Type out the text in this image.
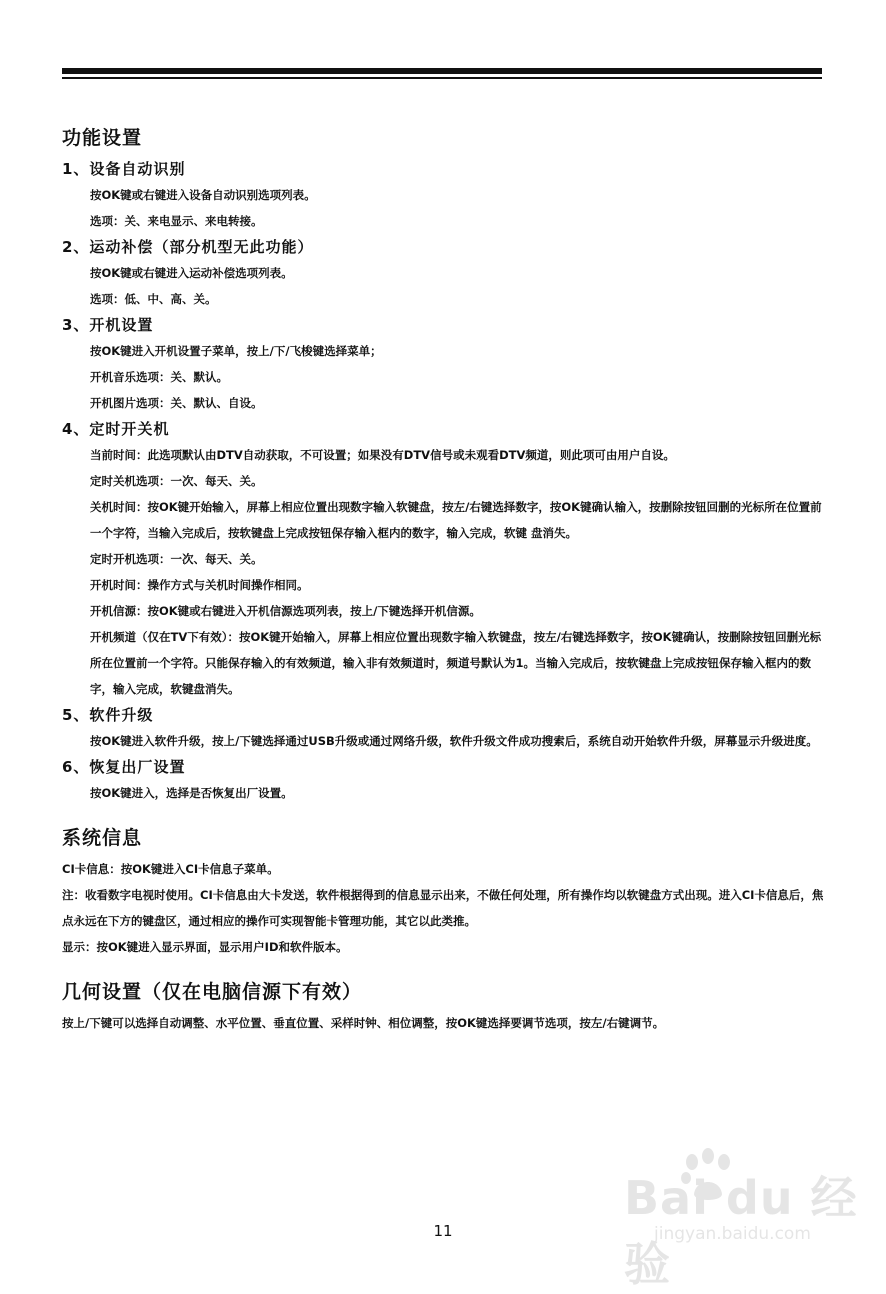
功能设置
1、设备自动识别

按OK键或右键进入设备自动识别选项列表。

选项：关、来电显示、来电转接。

2、运动补偿（部分机型无此功能）

按OK键或右键进入运动补偿选项列表。

选项：低、中、高、关。

3、开机设置

按OK键进入开机设置子菜单，按上/下/飞梭键选择菜单；

开机音乐选项：关、默认。

开机图片选项：关、默认、自设。

4、定时开关机

当前时间：此选项默认由DTV自动获取，不可设置；如果没有DTV信号或未观看DTV频道，则此项可由用户自设。

定时关机选项：一次、每天、关。

关机时间：按OK键开始输入，屏幕上相应位置出现数字输入软键盘，按左/右键选择数字，按OK键确认输入，按删除按钮回删的光标所在位置前一个字符，当输入完成后，按软键盘上完成按钮保存输入框内的数字，输入完成，软键 盘消失。

定时开机选项：一次、每天、关。

开机时间：操作方式与关机时间操作相同。

开机信源：按OK键或右键进入开机信源选项列表，按上/下键选择开机信源。

开机频道（仅在TV下有效）：按OK键开始输入，屏幕上相应位置出现数字输入软键盘，按左/右键选择数字，按OK键确认，按删除按钮回删光标所在位置前一个字符。只能保存输入的有效频道，输入非有效频道时，频道号默认为1。当输入完成后，按软键盘上完成按钮保存输入框内的数字，输入完成，软键盘消失。

5、软件升级

按OK键进入软件升级，按上/下键选择通过USB升级或通过网络升级，软件升级文件成功搜索后，系统自动开始软件升级，屏幕显示升级进度。

6、恢复出厂设置

按OK键进入，选择是否恢复出厂设置。

系统信息

CI卡信息：按OK键进入CI卡信息子菜单。

注：收看数字电视时使用。CI卡信息由大卡发送，软件根据得到的信息显示出来，不做任何处理，所有操作均以软键盘方式出现。进入CI卡信息后，焦点永远在下方的键盘区，通过相应的操作可实现智能卡管理功能，其它以此类推。

显示：按OK键进入显示界面，显示用户ID和软件版本。

几何设置（仅在电脑信源下有效）

按上/下键可以选择自动调整、水平位置、垂直位置、采样时钟、相位调整，按OK键选择要调节选项，按左/右键调节。

Bai du 经验
jingyan.baidu.com
11
